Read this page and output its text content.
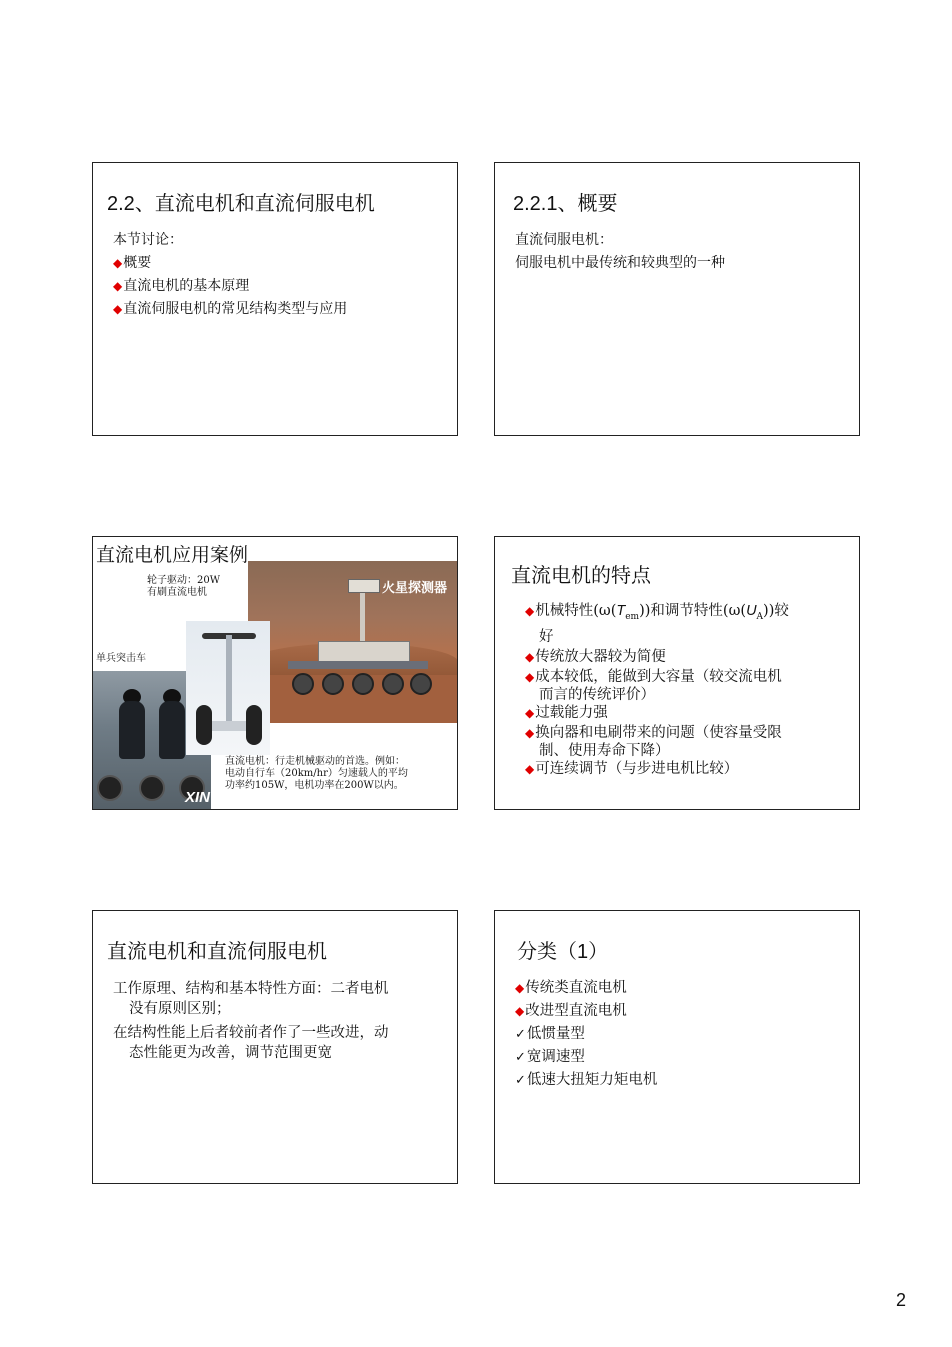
2.2、直流电机和直流伺服电机
本节讨论：
◆概要
◆直流电机的基本原理
◆直流伺服电机的常见结构类型与应用
2.2.1、概要
直流伺服电机：
伺服电机中最传统和较典型的一种
直流电机应用案例
火星探测器
XIN
轮子驱动：20W
有刷直流电机
单兵突击车
直流电机：行走机械驱动的首选。例如：
电动自行车（20km/hr）匀速载人的平均
功率约105W，电机功率在200W以内。
直流电机的特点
◆机械特性$(\omega(T_{em}))$和调节特性$(\omega(U_A))$较
好
◆传统放大器较为简便
◆成本较低，能做到大容量（较交流电机
而言的传统评价）
◆过载能力强
◆换向器和电刷带来的问题（使容量受限
制、使用寿命下降）
◆可连续调节（与步进电机比较）
直流电机和直流伺服电机
工作原理、结构和基本特性方面：二者电机
没有原则区别；
在结构性能上后者较前者作了一些改进，动
态性能更为改善，调节范围更宽
分类（1）
◆传统类直流电机
◆改进型直流电机
✓低惯量型
✓宽调速型
✓低速大扭矩力矩电机
2
